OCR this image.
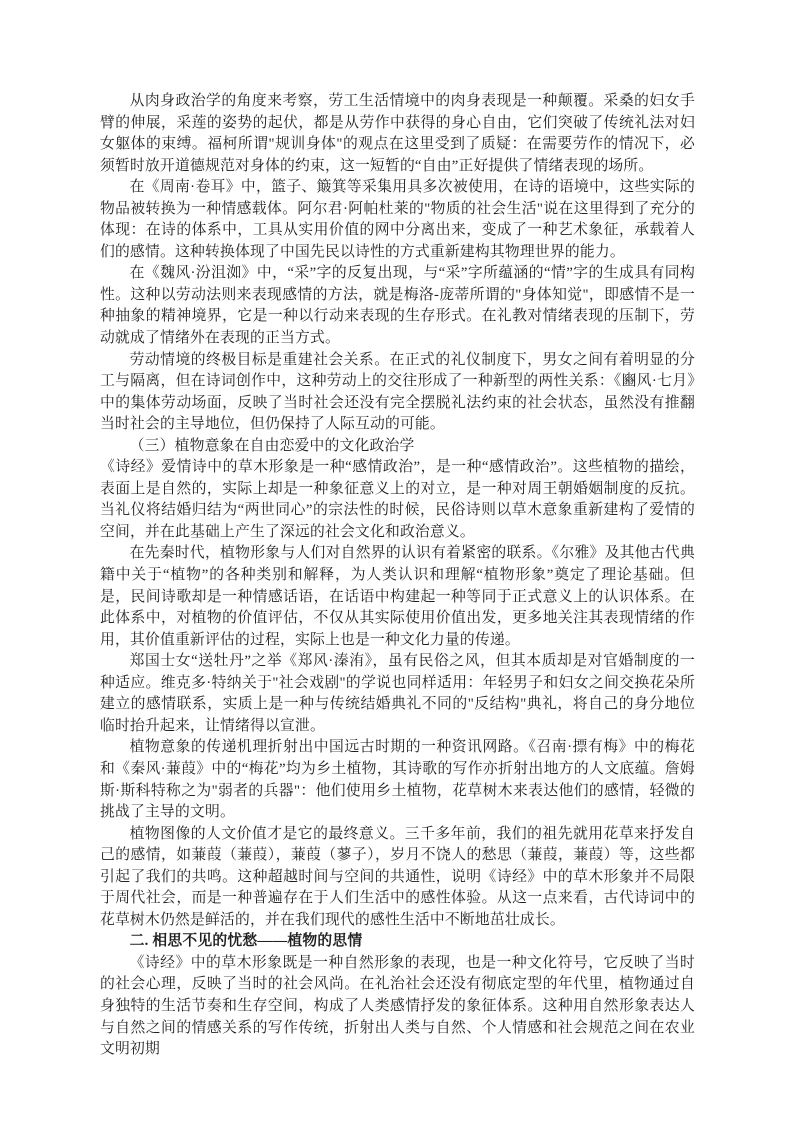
从肉身政治学的角度来考察，劳工生活情境中的肉身表现是一种颠覆。采桑的妇女手臂的伸展，采莲的姿势的起伏，都是从劳作中获得的身心自由，它们突破了传统礼法对妇女躯体的束缚。福柯所谓"规训身体"的观点在这里受到了质疑：在需要劳作的情况下，必须暂时放开道德规范对身体的约束，这一短暂的“自由”正好提供了情绪表现的场所。

在《周南·卷耳》中，篮子、簸箕等采集用具多次被使用，在诗的语境中，这些实际的物品被转换为一种情感载体。阿尔君·阿帕杜莱的"物质的社会生活"说在这里得到了充分的体现：在诗的体系中，工具从实用价值的网中分离出来，变成了一种艺术象征，承载着人们的感情。这种转换体现了中国先民以诗性的方式重新建构其物理世界的能力。

在《魏风·汾沮洳》中，“采”字的反复出现，与“采”字所蕴涵的“情”字的生成具有同构性。这种以劳动法则来表现感情的方法，就是梅洛-庞蒂所谓的"身体知觉"，即感情不是一种抽象的精神境界，它是一种以行动来表现的生存形式。在礼教对情绪表现的压制下，劳动就成了情绪外在表现的正当方式。

劳动情境的终极目标是重建社会关系。在正式的礼仪制度下，男女之间有着明显的分工与隔离，但在诗词创作中，这种劳动上的交往形成了一种新型的两性关系：《豳风·七月》中的集体劳动场面，反映了当时社会还没有完全摆脱礼法约束的社会状态，虽然没有推翻当时社会的主导地位，但仍保持了人际互动的可能。

（三）植物意象在自由恋爱中的文化政治学

《诗经》爱情诗中的草木形象是一种“感情政治”，是一种“感情政治”。这些植物的描绘，表面上是自然的，实际上却是一种象征意义上的对立，是一种对周王朝婚姻制度的反抗。当礼仪将结婚归结为“两世同心”的宗法性的时候，民俗诗则以草木意象重新建构了爱情的空间，并在此基础上产生了深远的社会文化和政治意义。

在先秦时代，植物形象与人们对自然界的认识有着紧密的联系。《尔雅》及其他古代典籍中关于“植物”的各种类别和解释，为人类认识和理解“植物形象”奠定了理论基础。但是，民间诗歌却是一种情感话语，在话语中构建起一种等同于正式意义上的认识体系。在此体系中，对植物的价值评估，不仅从其实际使用价值出发，更多地关注其表现情绪的作用，其价值重新评估的过程，实际上也是一种文化力量的传递。

郑国士女“送牡丹”之举《郑风·溱洧》，虽有民俗之风，但其本质却是对官婚制度的一种适应。维克多·特纳关于"社会戏剧"的学说也同样适用：年轻男子和妇女之间交换花朵所建立的感情联系，实质上是一种与传统结婚典礼不同的"反结构"典礼，将自己的身分地位临时抬升起来，让情绪得以宣泄。

植物意象的传递机理折射出中国远古时期的一种资讯网路。《召南·摽有梅》中的梅花和《秦风·蒹葭》中的“梅花”均为乡土植物，其诗歌的写作亦折射出地方的人文底蕴。詹姆斯·斯科特称之为"弱者的兵器"：他们使用乡土植物，花草树木来表达他们的感情，轻微的挑战了主导的文明。

植物图像的人文价值才是它的最终意义。三千多年前，我们的祖先就用花草来抒发自己的感情，如蒹葭（蒹葭），蒹葭（蓼子），岁月不饶人的愁思（蒹葭，蒹葭）等，这些都引起了我们的共鸣。这种超越时间与空间的共通性，说明《诗经》中的草木形象并不局限于周代社会，而是一种普遍存在于人们生活中的感性体验。从这一点来看，古代诗词中的花草树木仍然是鲜活的，并在我们现代的感性生活中不断地茁壮成长。

二. 相思不见的忧愁——植物的思情

《诗经》中的草木形象既是一种自然形象的表现，也是一种文化符号，它反映了当时的社会心理，反映了当时的社会风尚。在礼治社会还没有彻底定型的年代里，植物通过自身独特的生活节奏和生存空间，构成了人类感情抒发的象征体系。这种用自然形象表达人与自然之间的情感关系的写作传统，折射出人类与自然、个人情感和社会规范之间在农业文明初期
